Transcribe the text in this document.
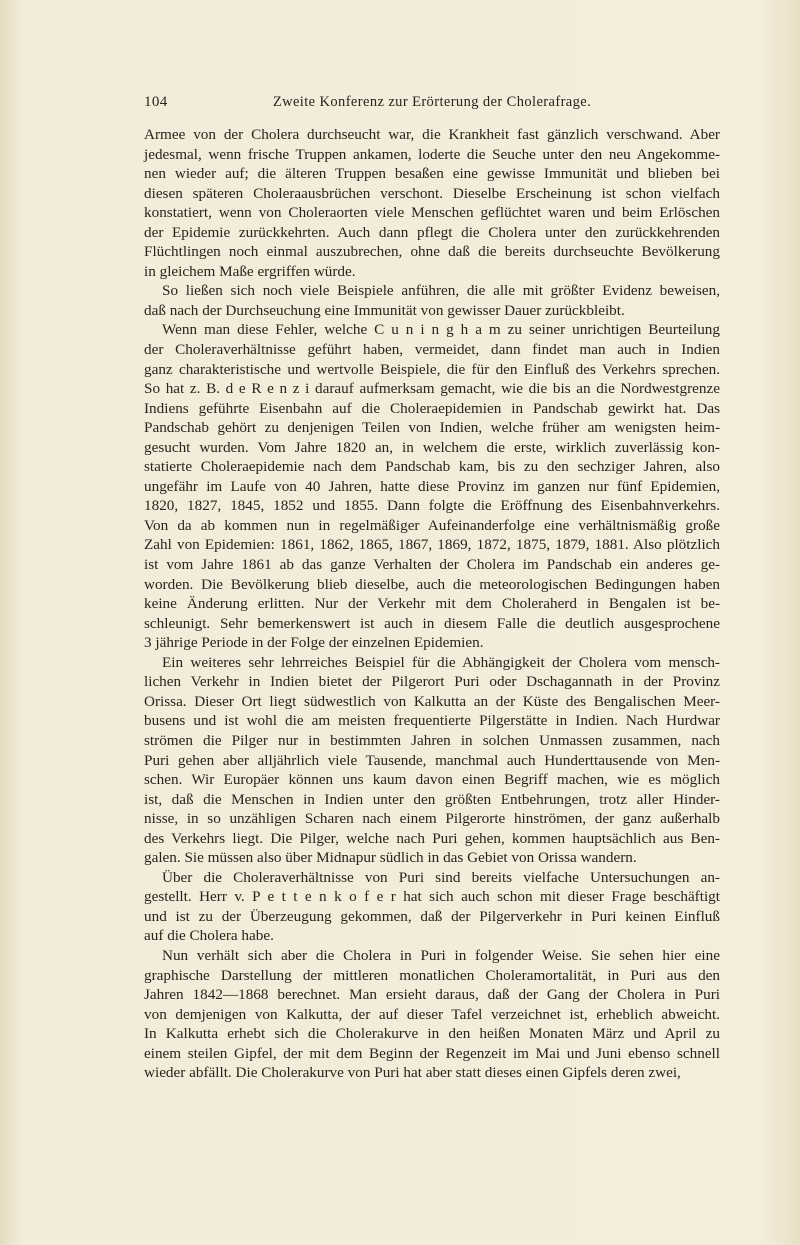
104	Zweite Konferenz zur Erörterung der Cholerafrage.
Armee von der Cholera durchseucht war, die Krankheit fast gänzlich verschwand. Aber
jedesmal, wenn frische Truppen ankamen, loderte die Seuche unter den neu Angekomme-
nen wieder auf; die älteren Truppen besaßen eine gewisse Immunität und blieben bei
diesen späteren Choleraausbrüchen verschont. Dieselbe Erscheinung ist schon vielfach
konstatiert, wenn von Choleraorten viele Menschen geflüchtet waren und beim Erlöschen
der Epidemie zurückkehrten. Auch dann pflegt die Cholera unter den zurückkehrenden
Flüchtlingen noch einmal auszubrechen, ohne daß die bereits durchseuchte Bevölkerung
in gleichem Maße ergriffen würde.
So ließen sich noch viele Beispiele anführen, die alle mit größter Evidenz beweisen,
daß nach der Durchseuchung eine Immunität von gewisser Dauer zurückbleibt.
Wenn man diese Fehler, welche C u n i n g h a m zu seiner unrichtigen Beurteilung
der Choleraverhältnisse geführt haben, vermeidet, dann findet man auch in Indien
ganz charakteristische und wertvolle Beispiele, die für den Einfluß des Verkehrs sprechen.
So hat z. B. d e R e n z i darauf aufmerksam gemacht, wie die bis an die Nordwestgrenze
Indiens geführte Eisenbahn auf die Choleraepidemien in Pandschab gewirkt hat. Das
Pandschab gehört zu denjenigen Teilen von Indien, welche früher am wenigsten heim-
gesucht wurden. Vom Jahre 1820 an, in welchem die erste, wirklich zuverlässig kon-
statierte Choleraepidemie nach dem Pandschab kam, bis zu den sechziger Jahren, also
ungefähr im Laufe von 40 Jahren, hatte diese Provinz im ganzen nur fünf Epidemien,
1820, 1827, 1845, 1852 und 1855. Dann folgte die Eröffnung des Eisenbahnverkehrs.
Von da ab kommen nun in regelmäßiger Aufeinanderfolge eine verhältnismäßig große
Zahl von Epidemien: 1861, 1862, 1865, 1867, 1869, 1872, 1875, 1879, 1881. Also plötzlich
ist vom Jahre 1861 ab das ganze Verhalten der Cholera im Pandschab ein anderes ge-
worden. Die Bevölkerung blieb dieselbe, auch die meteorologischen Bedingungen haben
keine Änderung erlitten. Nur der Verkehr mit dem Choleraherd in Bengalen ist be-
schleunigt. Sehr bemerkenswert ist auch in diesem Falle die deutlich ausgesprochene
3 jährige Periode in der Folge der einzelnen Epidemien.
Ein weiteres sehr lehrreiches Beispiel für die Abhängigkeit der Cholera vom mensch-
lichen Verkehr in Indien bietet der Pilgerort Puri oder Dschagannath in der Provinz
Orissa. Dieser Ort liegt südwestlich von Kalkutta an der Küste des Bengalischen Meer-
busens und ist wohl die am meisten frequentierte Pilgerstätte in Indien. Nach Hurdwar
strömen die Pilger nur in bestimmten Jahren in solchen Unmassen zusammen, nach
Puri gehen aber alljährlich viele Tausende, manchmal auch Hunderttausende von Men-
schen. Wir Europäer können uns kaum davon einen Begriff machen, wie es möglich
ist, daß die Menschen in Indien unter den größten Entbehrungen, trotz aller Hinder-
nisse, in so unzähligen Scharen nach einem Pilgerorte hinströmen, der ganz außerhalb
des Verkehrs liegt. Die Pilger, welche nach Puri gehen, kommen hauptsächlich aus Ben-
galen. Sie müssen also über Midnapur südlich in das Gebiet von Orissa wandern.
Über die Choleraverhältnisse von Puri sind bereits vielfache Untersuchungen an-
gestellt. Herr v. P e t t e n k o f e r hat sich auch schon mit dieser Frage beschäftigt
und ist zu der Überzeugung gekommen, daß der Pilgerverkehr in Puri keinen Einfluß
auf die Cholera habe.
Nun verhält sich aber die Cholera in Puri in folgender Weise. Sie sehen hier eine
graphische Darstellung der mittleren monatlichen Choleramortalität, in Puri aus den
Jahren 1842—1868 berechnet. Man ersieht daraus, daß der Gang der Cholera in Puri
von demjenigen von Kalkutta, der auf dieser Tafel verzeichnet ist, erheblich abweicht.
In Kalkutta erhebt sich die Cholerakurve in den heißen Monaten März und April zu
einem steilen Gipfel, der mit dem Beginn der Regenzeit im Mai und Juni ebenso schnell
wieder abfällt. Die Cholerakurve von Puri hat aber statt dieses einen Gipfels deren zwei,
